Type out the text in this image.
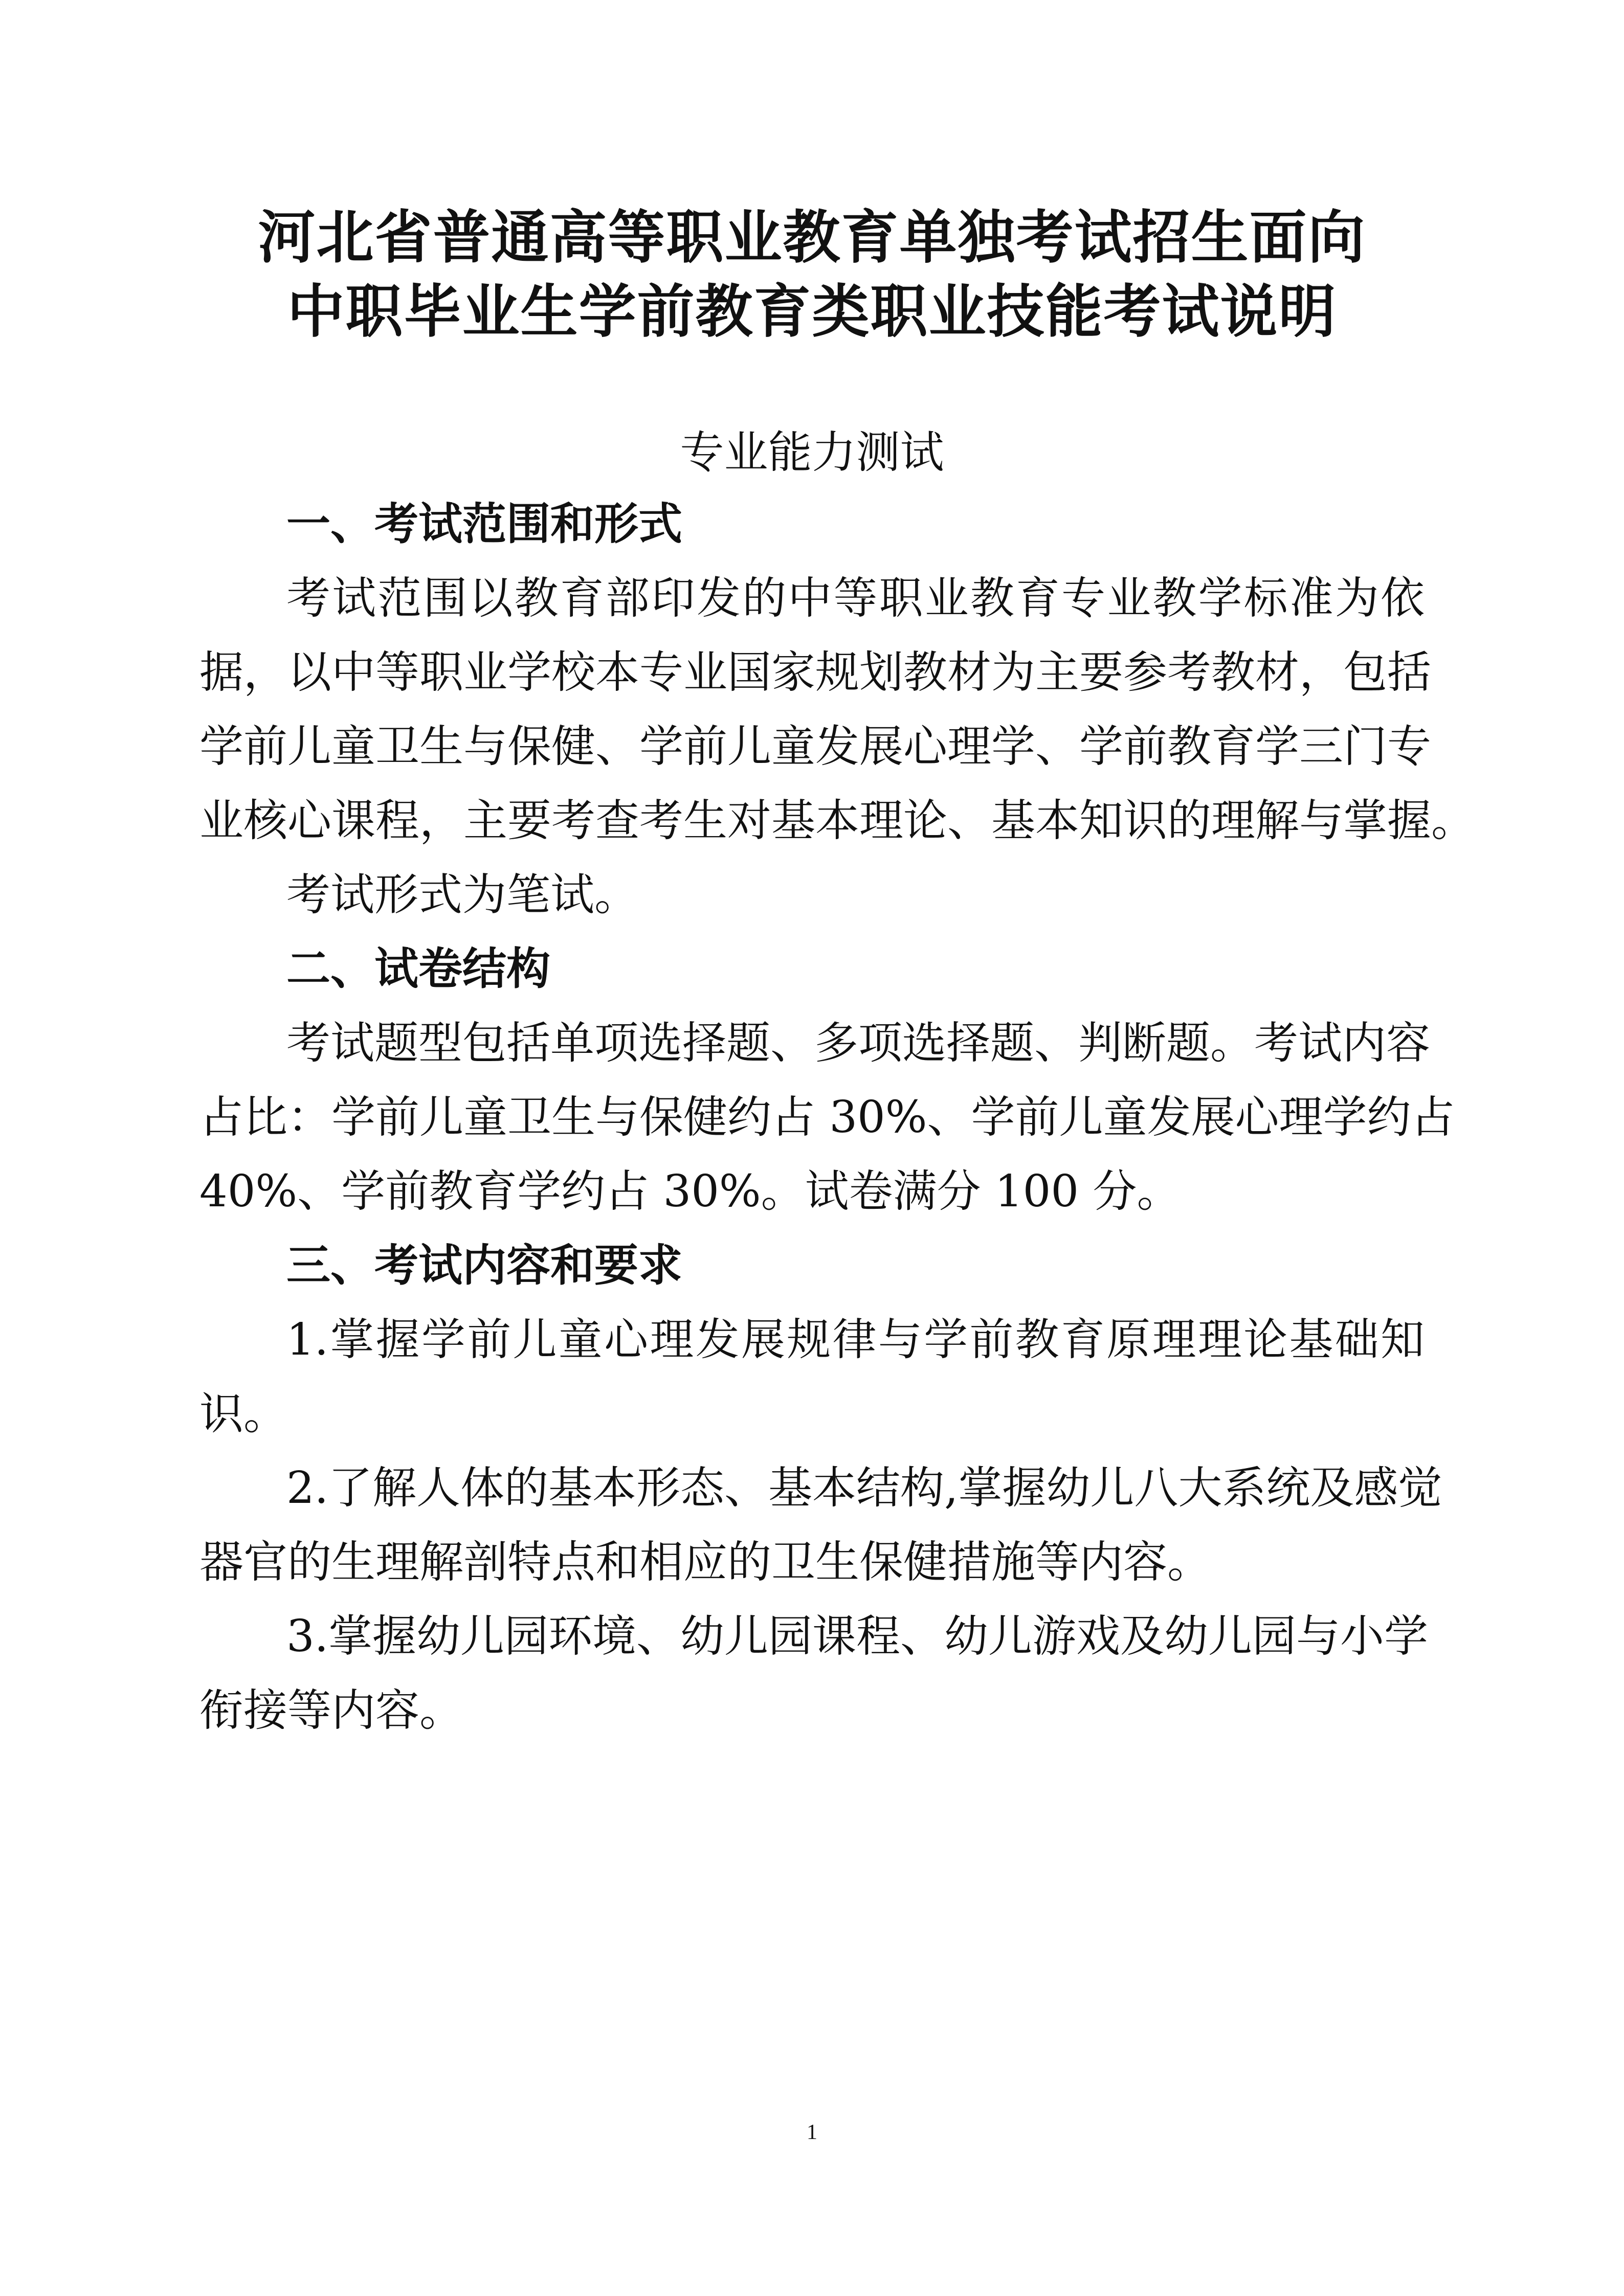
河北省普通高等职业教育单独考试招生面向
中职毕业生学前教育类职业技能考试说明
专业能力测试
一、考试范围和形式
考试范围以教育部印发的中等职业教育专业教学标准为依
据，以中等职业学校本专业国家规划教材为主要参考教材，包括
学前儿童卫生与保健、学前儿童发展心理学、学前教育学三门专
业核心课程，主要考查考生对基本理论、基本知识的理解与掌握。
考试形式为笔试。
二、试卷结构
考试题型包括单项选择题、多项选择题、判断题。考试内容
占比：学前儿童卫生与保健约占 30%、学前儿童发展心理学约占
40%、学前教育学约占 30%。试卷满分 100 分。
三、考试内容和要求
1.掌握学前儿童心理发展规律与学前教育原理理论基础知
识。
2.了解人体的基本形态、基本结构,掌握幼儿八大系统及感觉
器官的生理解剖特点和相应的卫生保健措施等内容。
3.掌握幼儿园环境、幼儿园课程、幼儿游戏及幼儿园与小学
衔接等内容。
1
